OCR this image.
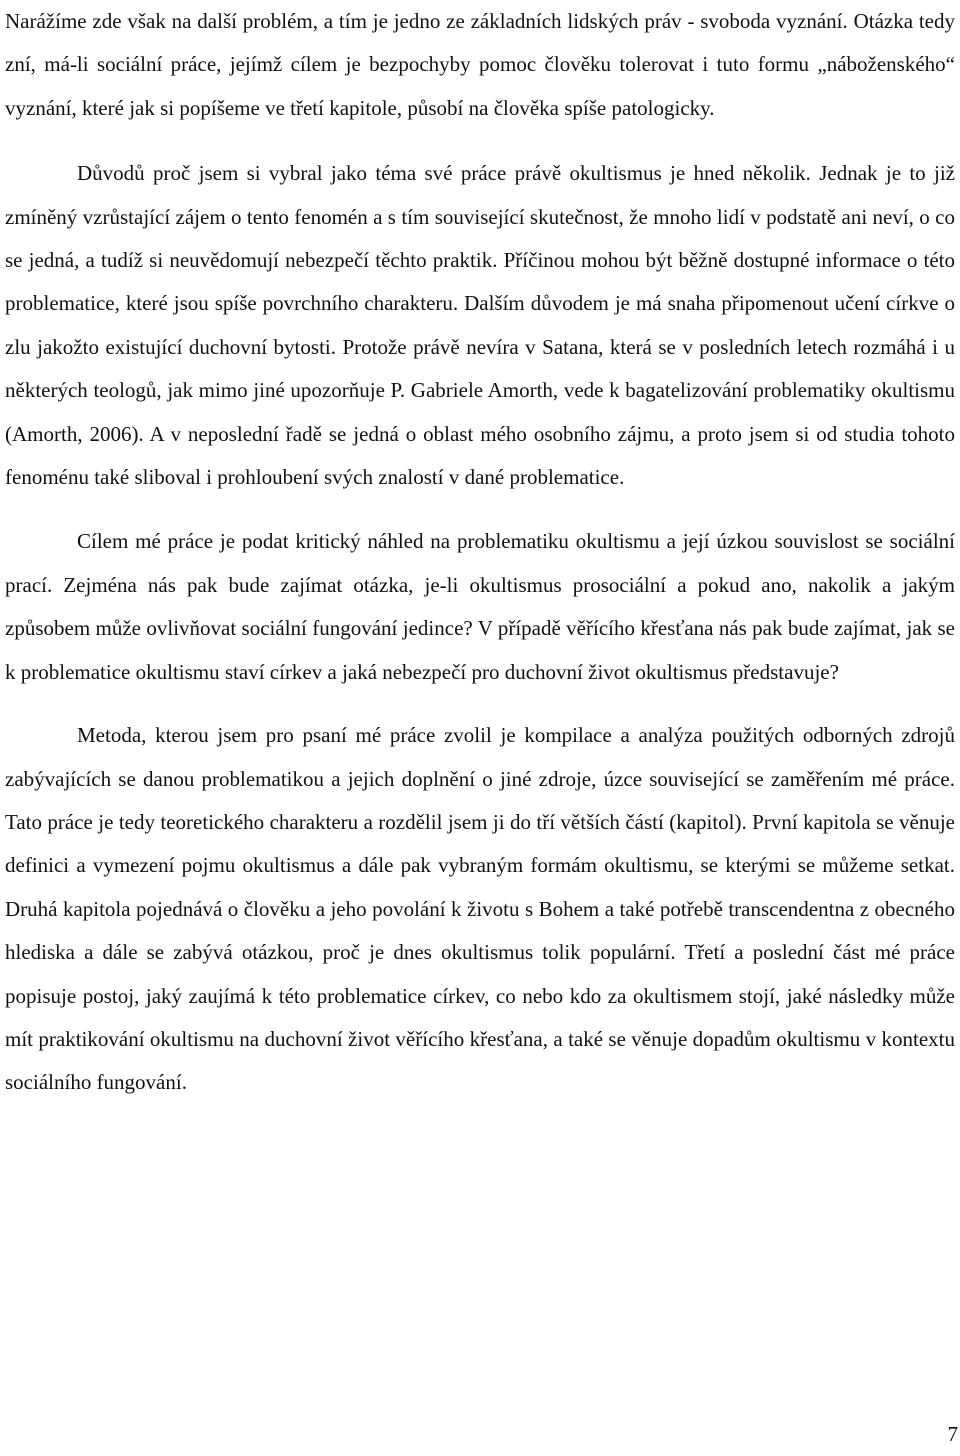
Narážíme zde však na další problém, a tím je jedno ze základních lidských práv - svoboda vyznání. Otázka tedy zní, má-li sociální práce, jejímž cílem je bezpochyby pomoc člověku tolerovat i tuto formu „náboženského“ vyznání, které jak si popíšeme ve třetí kapitole, působí na člověka spíše patologicky.

Důvodů proč jsem si vybral jako téma své práce právě okultismus je hned několik. Jednak je to již zmíněný vzrůstající zájem o tento fenomén a s tím související skutečnost, že mnoho lidí v podstatě ani neví, o co se jedná, a tudíž si neuvědomují nebezpečí těchto praktik. Příčinou mohou být běžně dostupné informace o této problematice, které jsou spíše povrchního charakteru. Dalším důvodem je má snaha připomenout učení církve o zlu jakožto existující duchovní bytosti. Protože právě nevíra v Satana, která se v posledních letech rozmáhá i u některých teologů, jak mimo jiné upozorňuje P. Gabriele Amorth, vede k bagatelizování problematiky okultismu (Amorth, 2006). A v neposlední řadě se jedná o oblast mého osobního zájmu, a proto jsem si od studia tohoto fenoménu také sliboval i prohloubení svých znalostí v dané problematice.

Cílem mé práce je podat kritický náhled na problematiku okultismu a její úzkou souvislost se sociální prací. Zejména nás pak bude zajímat otázka, je-li okultismus prosociální a pokud ano, nakolik a jakým způsobem může ovlivňovat sociální fungování jedince? V případě věřícího křesťana nás pak bude zajímat, jak se k problematice okultismu staví církev a jaká nebezpečí pro duchovní život okultismus představuje?

Metoda, kterou jsem pro psaní mé práce zvolil je kompilace a analýza použitých odborných zdrojů zabývajících se danou problematikou a jejich doplnění o jiné zdroje, úzce související se zaměřením mé práce. Tato práce je tedy teoretického charakteru a rozdělil jsem ji do tří větších částí (kapitol). První kapitola se věnuje definici a vymezení pojmu okultismus a dále pak vybraným formám okultismu, se kterými se můžeme setkat. Druhá kapitola pojednává o člověku a jeho povolání k životu s Bohem a také potřebě transcendentna z obecného hlediska a dále se zabývá otázkou, proč je dnes okultismus tolik populární. Třetí a poslední část mé práce popisuje postoj, jaký zaujímá k této problematice církev, co nebo kdo za okultismem stojí, jaké následky může mít praktikování okultismu na duchovní život věřícího křesťana, a také se věnuje dopadům okultismu v kontextu sociálního fungování.

7
